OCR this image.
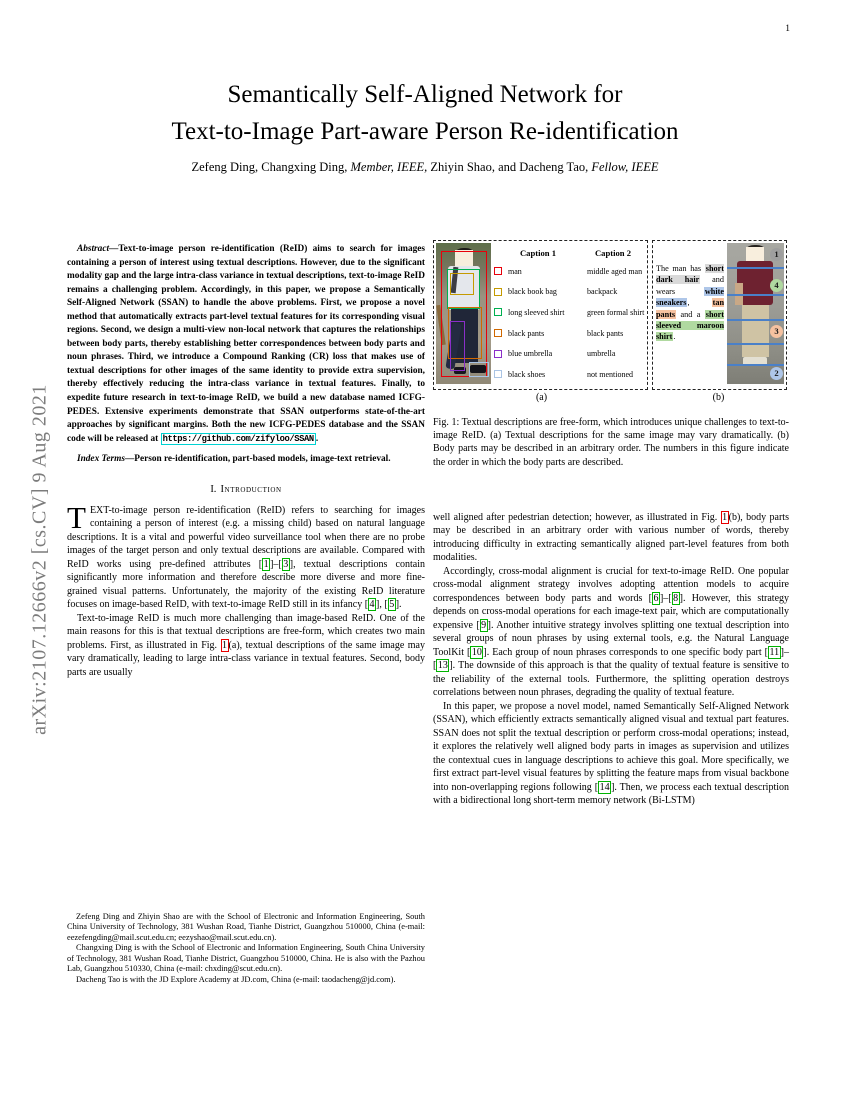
1
arXiv:2107.12666v2 [cs.CV] 9 Aug 2021
Semantically Self-Aligned Network for
Text-to-Image Part-aware Person Re-identification
Zefeng Ding, Changxing Ding, Member, IEEE, Zhiyin Shao, and Dacheng Tao, Fellow, IEEE

Abstract—Text-to-image person re-identification (ReID) aims to search for images containing a person of interest using textual descriptions. However, due to the significant modality gap and the large intra-class variance in textual descriptions, text-to-image ReID remains a challenging problem. Accordingly, in this paper, we propose a Semantically Self-Aligned Network (SSAN) to handle the above problems. First, we propose a novel method that automatically extracts part-level textual features for its corresponding visual regions. Second, we design a multi-view non-local network that captures the relationships between body parts, thereby establishing better correspondences between body parts and noun phrases. Third, we introduce a Compound Ranking (CR) loss that makes use of textual descriptions for other images of the same identity to provide extra supervision, thereby effectively reducing the intra-class variance in textual features. Finally, to expedite future research in text-to-image ReID, we build a new database named ICFG-PEDES. Extensive experiments demonstrate that SSAN outperforms state-of-the-art approaches by significant margins. Both the new ICFG-PEDES database and the SSAN code will be released at https://github.com/zifyloo/SSAN .

Index Terms—Person re-identification, part-based models, image-text retrieval.

I. Introduction

TEXT-to-image person re-identification (ReID) refers to searching for images containing a person of interest (e.g. a missing child) based on natural language descriptions. It is a vital and powerful video surveillance tool when there are no probe images of the target person and only textual descriptions are available. Compared with ReID works using pre-defined attributes [ 1 ]–[ 3 ], textual descriptions contain significantly more information and therefore describe more diverse and more fine-grained visual patterns. Unfortunately, the majority of the existing ReID literature focuses on image-based ReID, with text-to-image ReID still in its infancy [ 4 ], [ 5 ].

Text-to-image ReID is much more challenging than image-based ReID. One of the main reasons for this is that textual descriptions are free-form, which creates two main problems. First, as illustrated in Fig. 1 (a), textual descriptions of the same image may vary dramatically, leading to large intra-class variance in textual features. Second, body parts are usually

Zefeng Ding and Zhiyin Shao are with the School of Electronic and Information Engineering, South China University of Technology, 381 Wushan Road, Tianhe District, Guangzhou 510000, China (e-mail: eezefengding@mail.scut.edu.cn; eezyshao@mail.scut.edu.cn).

Changxing Ding is with the School of Electronic and Information Engineering, South China University of Technology, 381 Wushan Road, Tianhe District, Guangzhou 510000, China. He is also with the Pazhou Lab, Guangzhou 510330, China (e-mail: chxding@scut.edu.cn).

Dacheng Tao is with the JD Explore Academy at JD.com, China (e-mail: taodacheng@jd.com).

Caption 1	Caption 2
man	middle aged man
black book bag	backpack
long sleeved shirt	green formal shirt
black pants	black pants
blue umbrella	umbrella
black shoes	not mentioned
The man has short dark hair and wears white sneakers, tan pants and a short sleeved maroon shirt.
1
4
3
2
(a)	(b)
Fig. 1: Textual descriptions are free-form, which introduces unique challenges to text-to-image ReID. (a) Textual descriptions for the same image may vary dramatically. (b) Body parts may be described in an arbitrary order. The numbers in this figure indicate the order in which the body parts are described.

well aligned after pedestrian detection; however, as illustrated in Fig. 1 (b), body parts may be described in an arbitrary order with various number of words, thereby introducing difficulty in extracting semantically aligned part-level features from both modalities.

Accordingly, cross-modal alignment is crucial for text-to-image ReID. One popular cross-modal alignment strategy involves adopting attention models to acquire correspondences between body parts and words [ 6 ]–[ 8 ]. However, this strategy depends on cross-modal operations for each image-text pair, which are computationally expensive [ 9 ]. Another intuitive strategy involves splitting one textual description into several groups of noun phrases by using external tools, e.g. the Natural Language ToolKit [ 10 ]. Each group of noun phrases corresponds to one specific body part [ 11 ]–[ 13 ]. The downside of this approach is that the quality of textual feature is sensitive to the reliability of the external tools. Furthermore, the splitting operation destroys correlations between noun phrases, degrading the quality of textual feature.

In this paper, we propose a novel model, named Semantically Self-Aligned Network (SSAN), which efficiently extracts semantically aligned visual and textual part features. SSAN does not split the textual description or perform cross-modal operations; instead, it explores the relatively well aligned body parts in images as supervision and utilizes the contextual cues in language descriptions to achieve this goal. More specifically, we first extract part-level visual features by splitting the feature maps from visual backbone into non-overlapping regions following [ 14 ]. Then, we process each textual description with a bidirectional long short-term memory network (Bi-LSTM)
